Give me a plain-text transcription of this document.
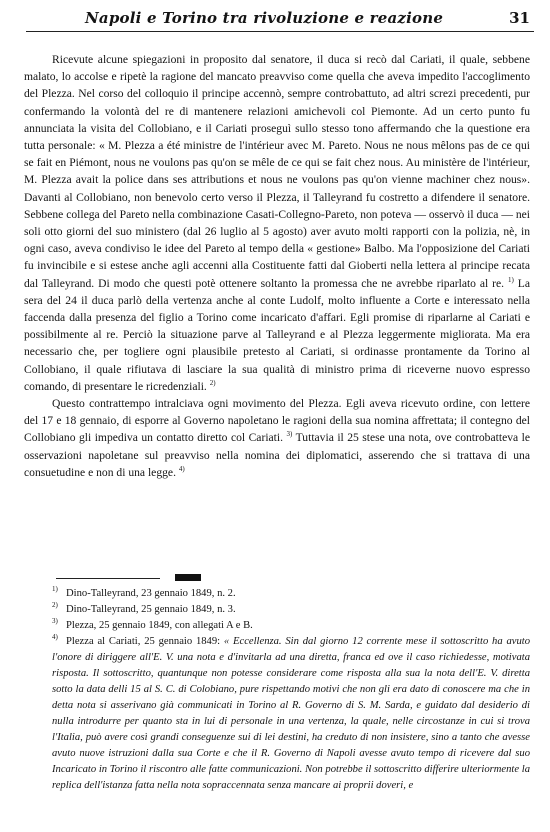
Napoli e Torino tra rivoluzione e reazione	31

Ricevute alcune spiegazioni in proposito dal senatore, il duca si recò dal Cariati, il quale, sebbene malato, lo accolse e ripetè la ragione del mancato preavviso come quella che aveva impedito l'accoglimento del Plezza. Nel corso del colloquio il principe accennò, sempre controbattuto, ad altri screzi precedenti, pur confermando la volontà del re di mantenere relazioni amichevoli col Piemonte. Ad un certo punto fu annunciata la visita del Collobiano, e il Cariati proseguì sullo stesso tono affermando che la questione era tutta personale: « M. Plezza a été ministre de l'intérieur avec M. Pareto. Nous ne nous mêlons pas de ce qui se fait en Piémont, nous ne voulons pas qu'on se mêle de ce qui se fait chez nous. Au ministère de l'intérieur, M. Plezza avait la police dans ses attributions et nous ne voulons pas qu'on vienne machiner chez nous». Davanti al Collobiano, non benevolo certo verso il Plezza, il Talleyrand fu costretto a difendere il senatore. Sebbene collega del Pareto nella combinazione Casati-Collegno-Pareto, non poteva — osservò il duca — nei soli otto giorni del suo ministero (dal 26 luglio al 5 agosto) aver avuto molti rapporti con la polizia, nè, in ogni caso, aveva condiviso le idee del Pareto al tempo della « gestione» Balbo. Ma l'opposizione del Cariati fu invincibile e si estese anche agli accenni alla Costituente fatti dal Gioberti nella lettera al principe recata dal Talleyrand. Di modo che questi potè ottenere soltanto la promessa che ne avrebbe riparlato al re. $^{1)}$ La sera del 24 il duca parlò della vertenza anche al conte Ludolf, molto influente a Corte e interessato nella faccenda dalla presenza del figlio a Torino come incaricato d'affari. Egli promise di riparlarne al Cariati e possibilmente al re. Perciò la situazione parve al Talleyrand e al Plezza leggermente migliorata. Ma era necessario che, per togliere ogni plausibile pretesto al Cariati, si ordinasse prontamente da Torino al Collobiano, il quale rifiutava di lasciare la sua qualità di ministro prima di riceverne nuovo espresso comando, di presentare le ricredenziali. $^{2)}$

Questo contrattempo intralciava ogni movimento del Plezza. Egli aveva ricevuto ordine, con lettere del 17 e 18 gennaio, di esporre al Governo napoletano le ragioni della sua nomina affrettata; il contegno del Collobiano gli impediva un contatto diretto col Cariati. $^{3)}$ Tuttavia il 25 stese una nota, ove controbatteva le osservazioni napoletane sul preavviso nella nomina dei diplomatici, asserendo che si trattava di una consuetudine e non di una legge. $^{4)}$

$^{1)}$ Dino-Talleyrand, 23 gennaio 1849, n. 2.
$^{2)}$ Dino-Talleyrand, 25 gennaio 1849, n. 3.
$^{3)}$ Plezza, 25 gennaio 1849, con allegati A e B.
$^{4)}$ Plezza al Cariati, 25 gennaio 1849: « Eccellenza. Sin dal giorno 12 corrente mese il sottoscritto ha avuto l'onore di diriggere all'E. V. una nota e d'invitarla ad una diretta, franca ed ove il caso richiedesse, motivata risposta. Il sottoscritto, quantunque non potesse considerare come risposta alla sua la nota dell'E. V. diretta sotto la data delli 15 al S. C. di Colobiano, pure rispettando motivi che non gli era dato di conoscere ma che in detta nota si asserivano già communicati in Torino al R. Governo di S. M. Sarda, e guidato dal desiderio di nulla introdurre per quanto sta in lui di personale in una vertenza, la quale, nelle circostanze in cui si trova l'Italia, può avere così grandi conseguenze sui di lei destini, ha creduto di non insistere, sino a tanto che avesse avuto nuove istruzioni dalla sua Corte e che il R. Governo di Napoli avesse avuto tempo di ricevere dal suo Incaricato in Torino il riscontro alle fatte communicazioni. Non potrebbe il sottoscritto differire ulteriormente la replica dell'istanza fatta nella nota sopraccennata senza mancare ai proprii doveri, e
